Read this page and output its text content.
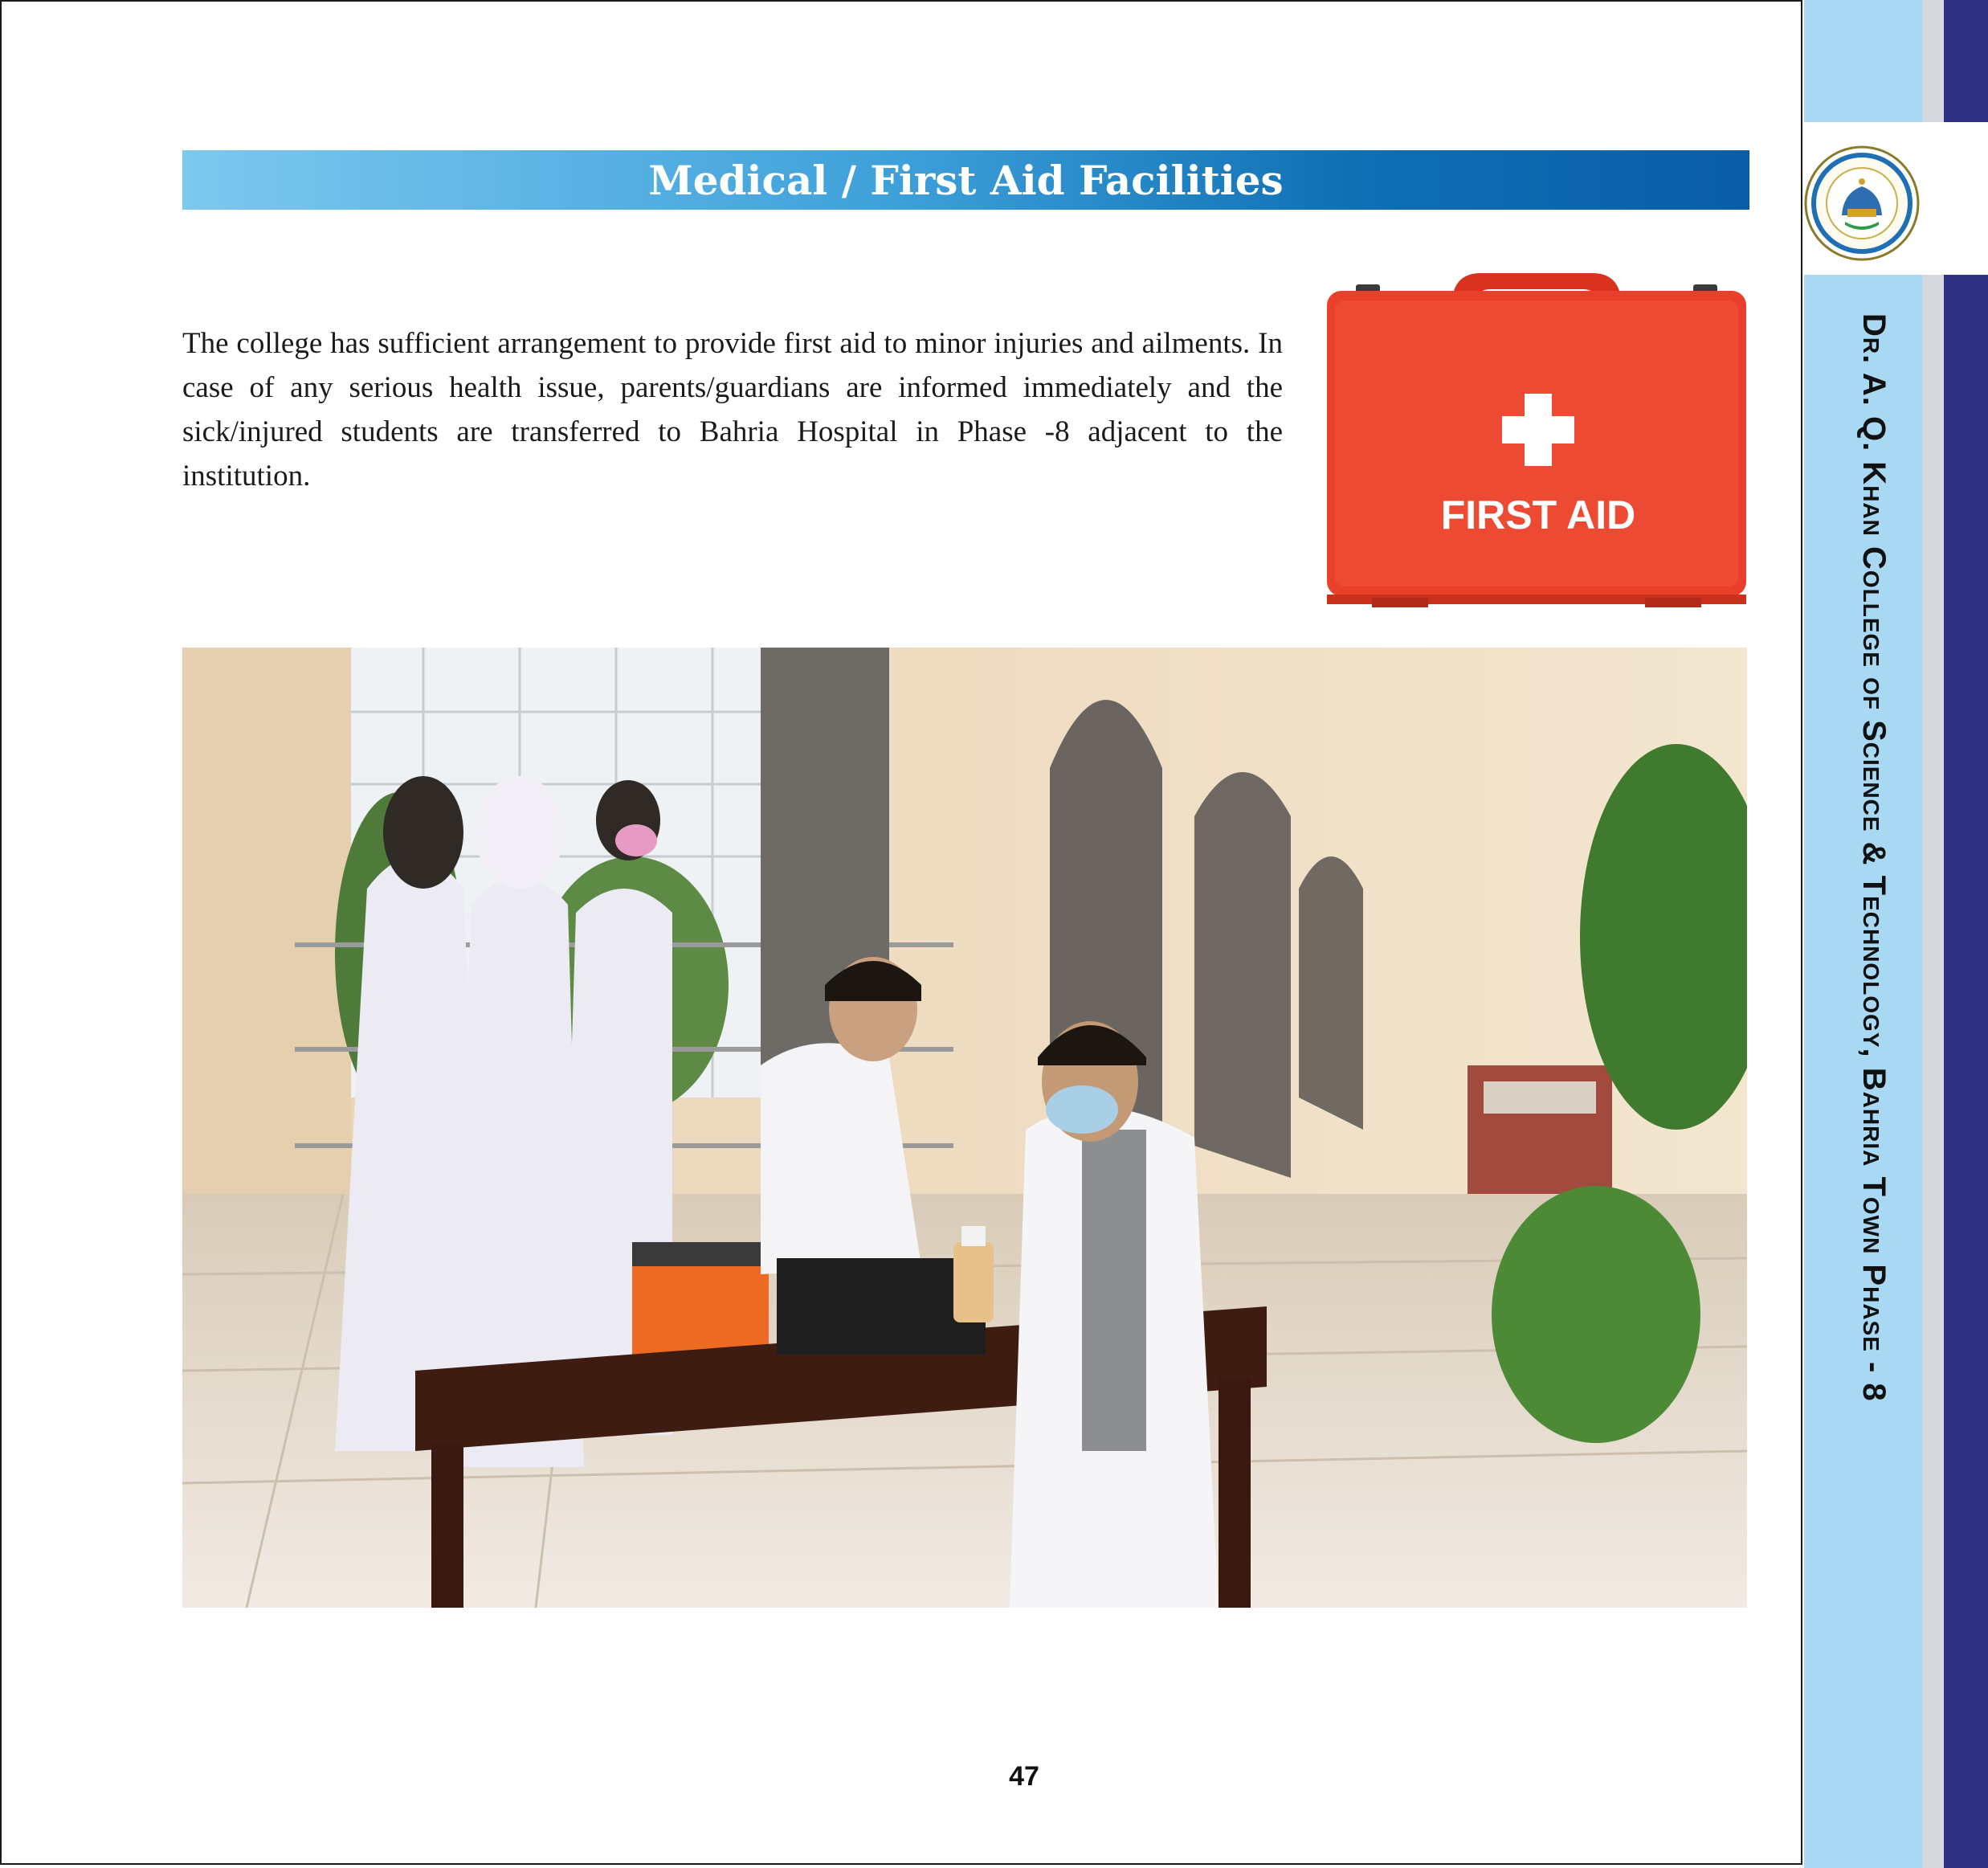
Dr. A. Q. Khan College of Science & Technology, Bahria Town Phase - 8
Medical / First Aid Facilities

The college has sufficient arrangement to provide first aid to minor injuries and ailments. In case of any serious health issue, parents/guardians are informed immediately and the sick/injured students are transferred to Bahria Hospital in Phase -8 adjacent to the institution.

FIRST AID
47
